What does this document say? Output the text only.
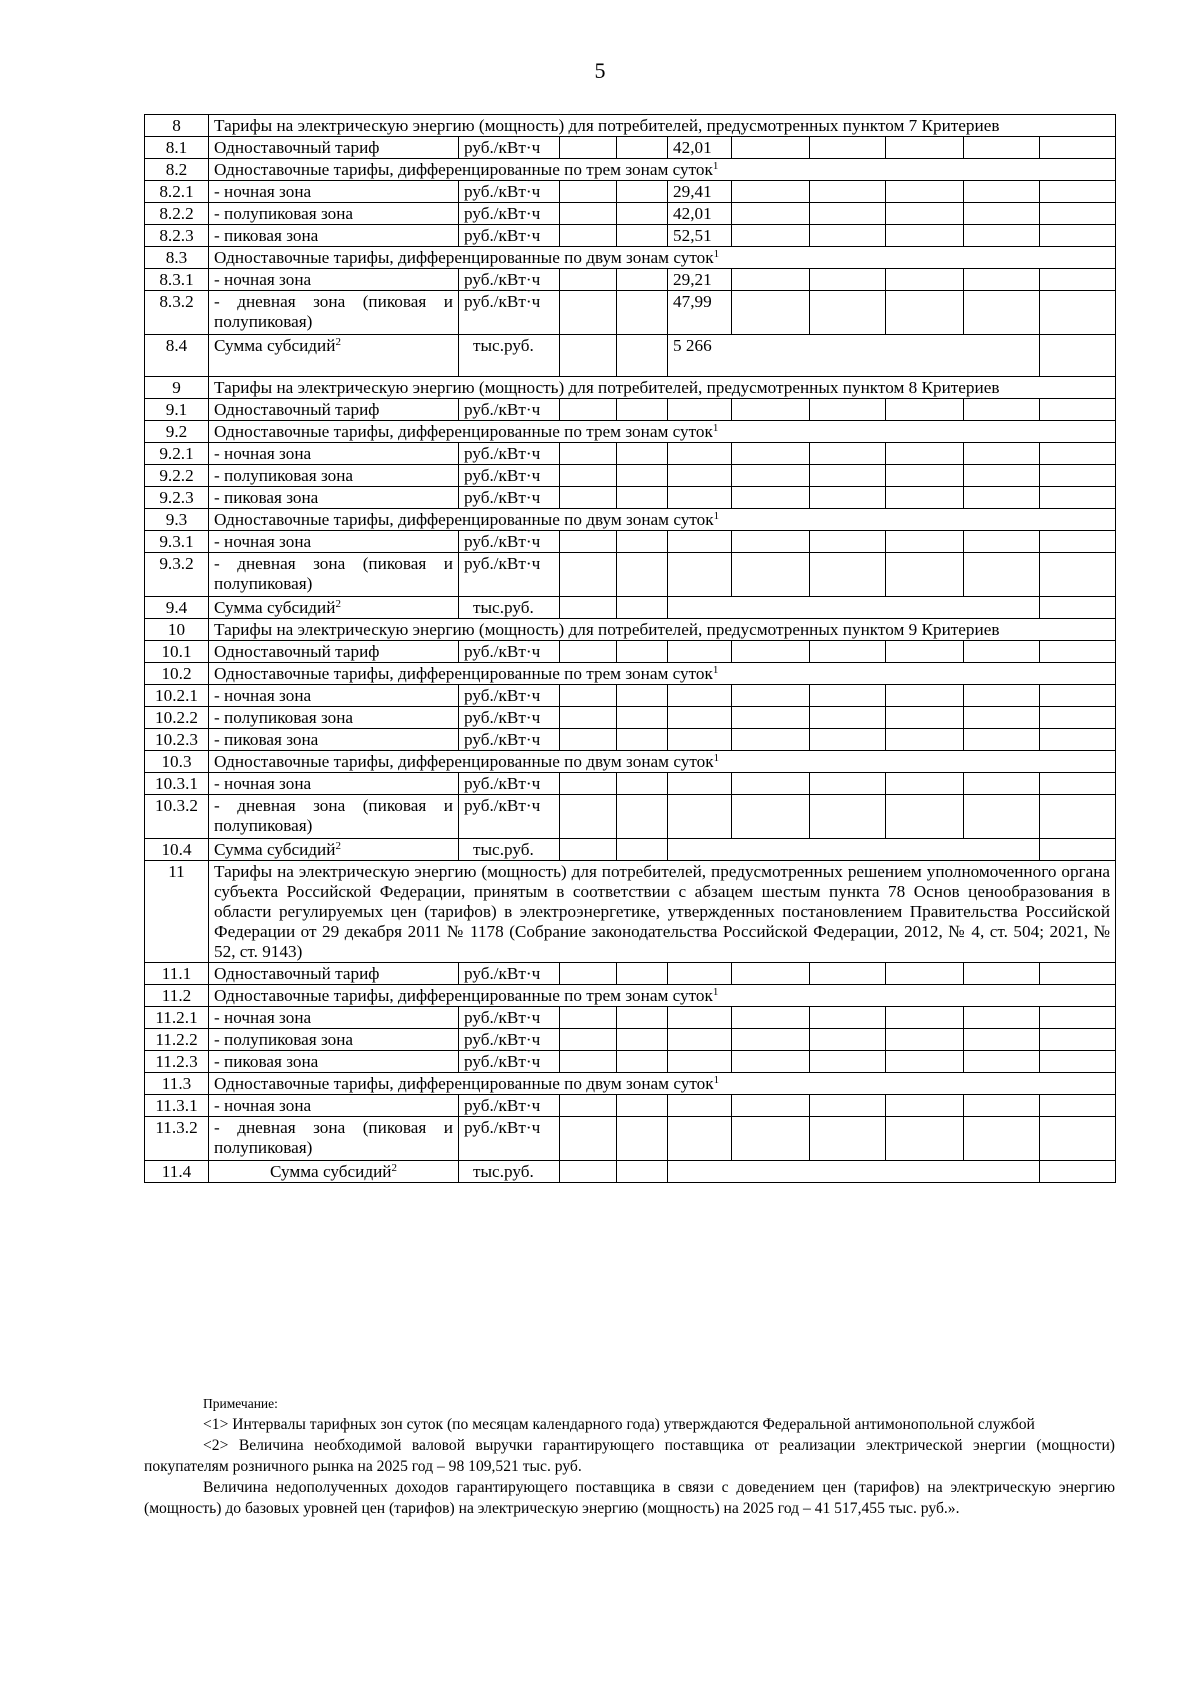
5
8	Тарифы на электрическую энергию (мощность) для потребителей, предусмотренных пунктом 7 Критериев										
8.1	Одноставочный тариф	руб./кВт·ч			42,01						
8.2	Одноставочные тарифы, дифференцированные по трем зонам суток$^1$
8.2.1	- ночная зона	руб./кВт·ч			29,41						
8.2.2	- полупиковая зона	руб./кВт·ч			42,01						
8.2.3	- пиковая зона	руб./кВт·ч			52,51						
8.3	Одноставочные тарифы, дифференцированные по двум зонам суток$^1$
8.3.1	- ночная зона	руб./кВт·ч			29,21						
8.3.2	- дневная зона (пиковая и полупиковая)	руб./кВт·ч			47,99						
8.4	Сумма субсидий$^2$	тыс.руб.			5 266		
9	Тарифы на электрическую энергию (мощность) для потребителей, предусмотренных пунктом 8 Критериев										
9.1	Одноставочный тариф	руб./кВт·ч									
9.2	Одноставочные тарифы, дифференцированные по трем зонам суток$^1$
9.2.1	- ночная зона	руб./кВт·ч									
9.2.2	- полупиковая зона	руб./кВт·ч									
9.2.3	- пиковая зона	руб./кВт·ч									
9.3	Одноставочные тарифы, дифференцированные по двум зонам суток$^1$
9.3.1	- ночная зона	руб./кВт·ч									
9.3.2	- дневная зона (пиковая и полупиковая)	руб./кВт·ч									
9.4	Сумма субсидий$^2$	тыс.руб.									
10	Тарифы на электрическую энергию (мощность) для потребителей, предусмотренных пунктом 9 Критериев										
10.1	Одноставочный тариф	руб./кВт·ч									
10.2	Одноставочные тарифы, дифференцированные по трем зонам суток$^1$
10.2.1	- ночная зона	руб./кВт·ч									
10.2.2	- полупиковая зона	руб./кВт·ч									
10.2.3	- пиковая зона	руб./кВт·ч									
10.3	Одноставочные тарифы, дифференцированные по двум зонам суток$^1$
10.3.1	- ночная зона	руб./кВт·ч									
10.3.2	- дневная зона (пиковая и полупиковая)	руб./кВт·ч									
10.4	Сумма субсидий$^2$	тыс.руб.									
11	Тарифы на электрическую энергию (мощность) для потребителей, предусмотренных решением уполномоченного органа субъекта Российской Федерации, принятым в соответствии с абзацем шестым пункта 78 Основ ценообразования в области регулируемых цен (тарифов) в электроэнергетике, утвержденных постановлением Правительства Российской Федерации от 29 декабря 2011 № 1178 (Собрание законодательства Российской Федерации, 2012, № 4, ст. 504; 2021, № 52, ст. 9143)										
11.1	Одноставочный тариф	руб./кВт·ч									
11.2	Одноставочные тарифы, дифференцированные по трем зонам суток$^1$
11.2.1	- ночная зона	руб./кВт·ч									
11.2.2	- полупиковая зона	руб./кВт·ч									
11.2.3	- пиковая зона	руб./кВт·ч									
11.3	Одноставочные тарифы, дифференцированные по двум зонам суток$^1$
11.3.1	- ночная зона	руб./кВт·ч									
11.3.2	- дневная зона (пиковая и полупиковая)	руб./кВт·ч									
11.4	Сумма субсидий$^2$	тыс.руб.									

Примечание:

<1> Интервалы тарифных зон суток (по месяцам календарного года) утверждаются Федеральной антимонопольной службой

<2> Величина необходимой валовой выручки гарантирующего поставщика от реализации электрической энергии (мощности) покупателям розничного рынка на 2025 год – 98 109,521 тыс. руб.

Величина недополученных доходов гарантирующего поставщика в связи с доведением цен (тарифов) на электрическую энергию (мощность) до базовых уровней цен (тарифов) на электрическую энергию (мощность) на 2025 год – 41 517,455 тыс. руб.».
